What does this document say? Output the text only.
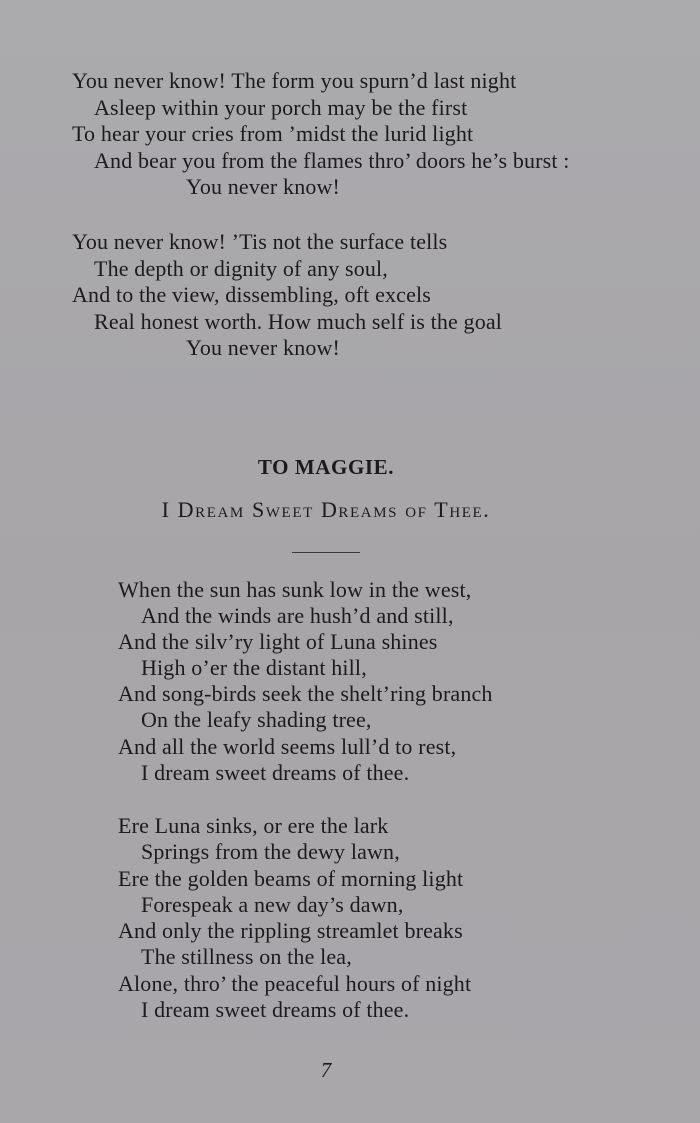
You never know! The form you spurn’d last night
Asleep within your porch may be the first
To hear your cries from ’midst the lurid light
And bear you from the flames thro’ doors he’s burst :
You never know!
You never know! ’Tis not the surface tells
The depth or dignity of any soul,
And to the view, dissembling, oft excels
Real honest worth. How much self is the goal
You never know!
TO MAGGIE.
I Dream Sweet Dreams of Thee.
When the sun has sunk low in the west,
And the winds are hush’d and still,
And the silv’ry light of Luna shines
High o’er the distant hill,
And song-birds seek the shelt’ring branch
On the leafy shading tree,
And all the world seems lull’d to rest,
I dream sweet dreams of thee.
Ere Luna sinks, or ere the lark
Springs from the dewy lawn,
Ere the golden beams of morning light
Forespeak a new day’s dawn,
And only the rippling streamlet breaks
The stillness on the lea,
Alone, thro’ the peaceful hours of night
I dream sweet dreams of thee.
7
